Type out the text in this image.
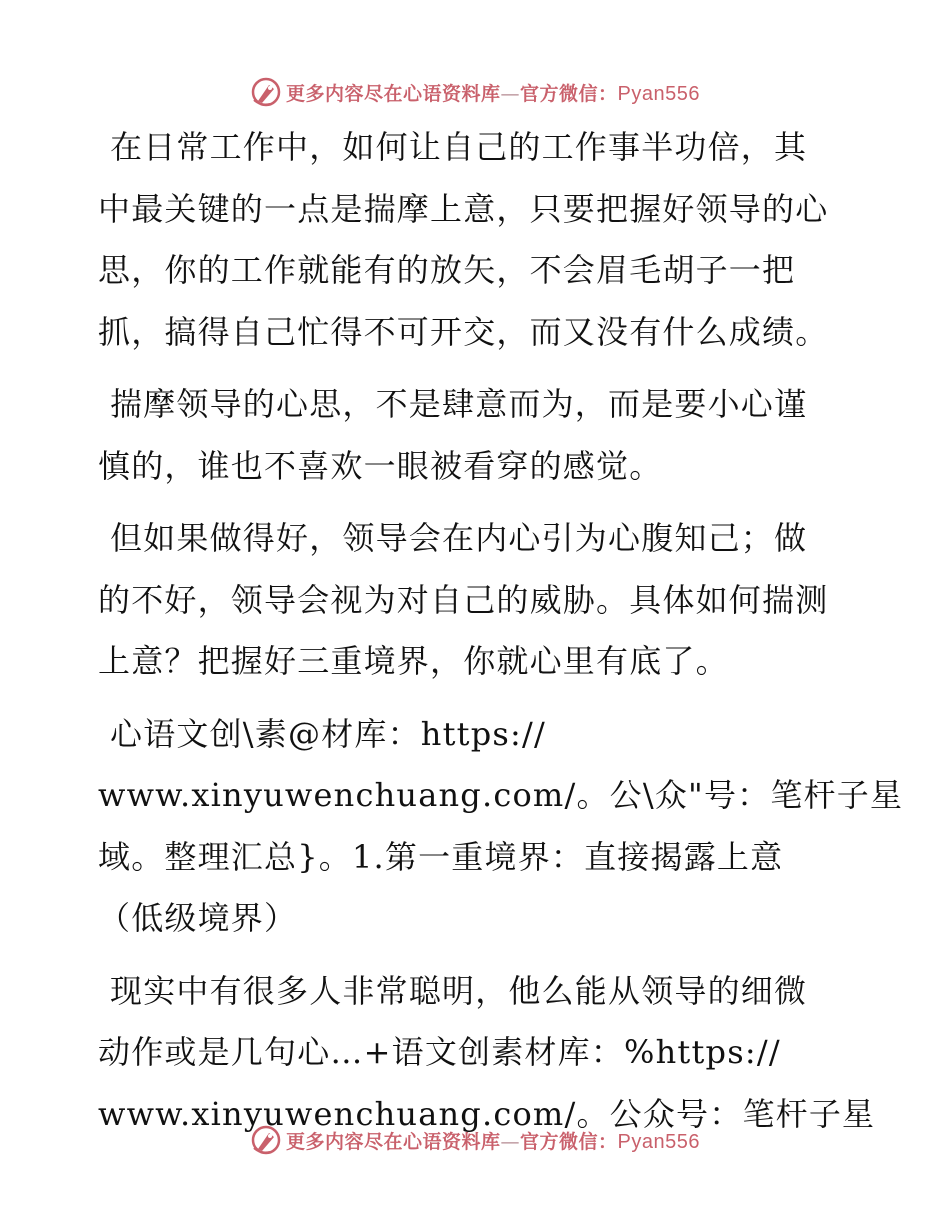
更多内容尽在心语资料库—官方微信：Pyan556

在日常工作中，如何让自己的工作事半功倍，其
中最关键的一点是揣摩上意，只要把握好领导的心
思，你的工作就能有的放矢，不会眉毛胡子一把
抓，搞得自己忙得不可开交，而又没有什么成绩。

揣摩领导的心思，不是肆意而为，而是要小心谨
慎的，谁也不喜欢一眼被看穿的感觉。

但如果做得好，领导会在内心引为心腹知己；做
的不好，领导会视为对自己的威胁。具体如何揣测
上意？把握好三重境界，你就心里有底了。

心语文创\素@材库：https://
www.xinyuwenchuang.com/。公\众"号：笔杆子星
域。整理汇总}。1.第一重境界：直接揭露上意
（低级境界）

现实中有很多人非常聪明，他么能从领导的细微
动作或是几句心…+语文创素材库：%https://
www.xinyuwenchuang.com/。公众号：笔杆子星

更多内容尽在心语资料库—官方微信：Pyan556
